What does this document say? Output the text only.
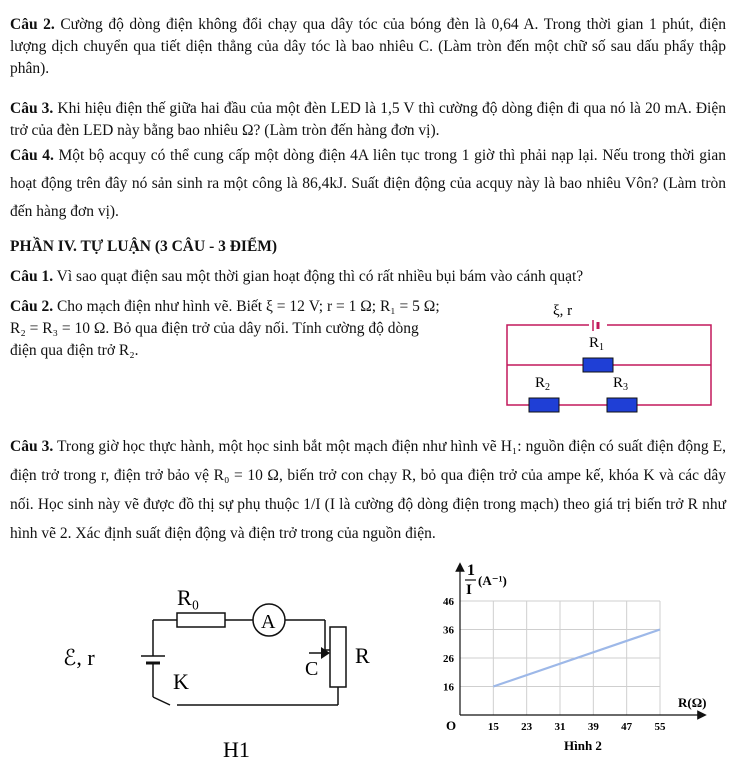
Câu 2. Cường độ dòng điện không đổi chạy qua dây tóc của bóng đèn là 0,64 A. Trong thời gian 1 phút, điện lượng dịch chuyển qua tiết diện thẳng của dây tóc là bao nhiêu C. (Làm tròn đến một chữ số sau dấu phẩy thập phân).
Câu 3. Khi hiệu điện thế giữa hai đầu của một đèn LED là 1,5 V thì cường độ dòng điện đi qua nó là 20 mA. Điện trở của đèn LED này bằng bao nhiêu Ω? (Làm tròn đến hàng đơn vị).
Câu 4. Một bộ acquy có thể cung cấp một dòng điện 4A liên tục trong 1 giờ thì phải nạp lại. Nếu trong thời gian hoạt động trên đây nó sản sinh ra một công là 86,4kJ. Suất điện động của acquy này là bao nhiêu Vôn? (Làm tròn đến hàng đơn vị).
PHẦN IV. TỰ LUẬN (3 CÂU - 3 ĐIỂM)
Câu 1. Vì sao quạt điện sau một thời gian hoạt động thì có rất nhiều bụi bám vào cánh quạt?
Câu 2. Cho mạch điện như hình vẽ. Biết ξ = 12 V; r = 1 Ω; R₁ = 5 Ω;
R₂ = R₃ = 10 Ω. Bỏ qua điện trở của dây nối. Tính cường độ dòng
điện qua điện trở R₂.
ξ, r
$R_1$
$R_2$	$R_3$
Câu 3. Trong giờ học thực hành, một học sinh bắt một mạch điện như hình vẽ H₁: nguồn điện có suất điện động E, điện trở trong r, điện trở bảo vệ R₀ = 10 Ω, biến trở con chạy R, bỏ qua điện trở của ampe kế, khóa K và các dây nối. Học sinh này vẽ được đồ thị sự phụ thuộc 1/I (I là cường độ dòng điện trong mạch) theo giá trị biến trở R như hình vẽ 2. Xác định suất điện động và điện trở trong của nguồn điện.
R₀
A
ℰ, r	C
R
K
H1
15 23 31 39 47 55
16
26
36
46
1
I
(A⁻¹)
R(Ω)
O
Hình 2
